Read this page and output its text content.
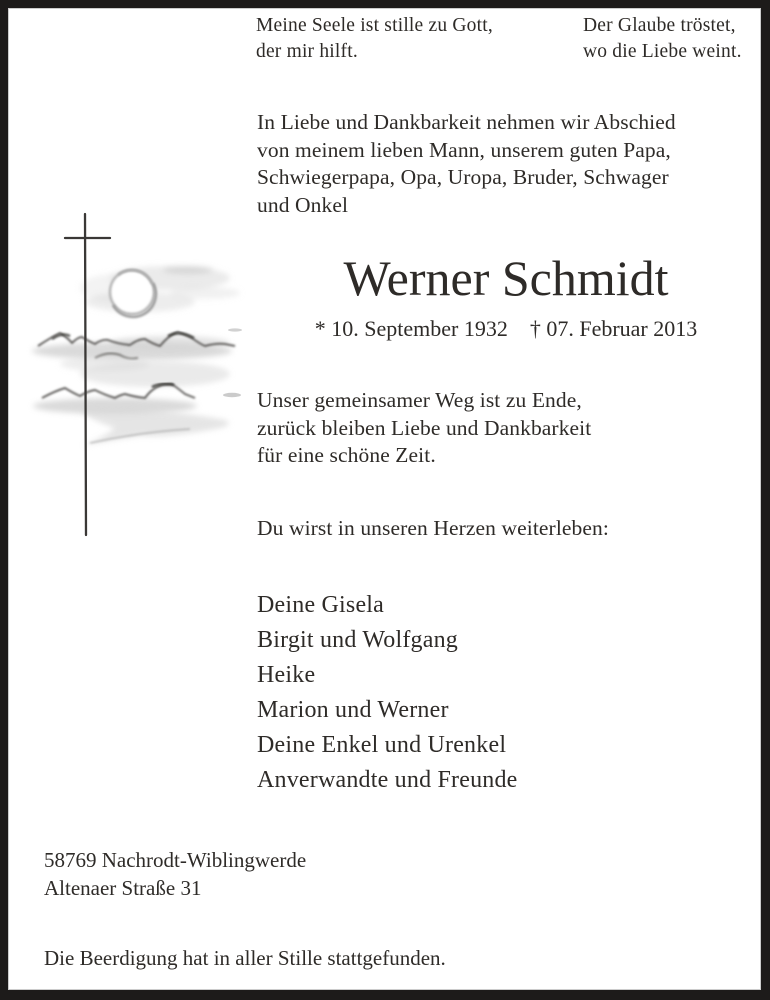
Meine Seele ist stille zu Gott,
der mir hilft.
Der Glaube tröstet,
wo die Liebe weint.
In Liebe und Dankbarkeit nehmen wir Abschied
von meinem lieben Mann, unserem guten Papa,
Schwiegerpapa, Opa, Uropa, Bruder, Schwager
und Onkel
Werner Schmidt
* 10. September 1932 † 07. Februar 2013
Unser gemeinsamer Weg ist zu Ende,
zurück bleiben Liebe und Dankbarkeit
für eine schöne Zeit.
Du wirst in unseren Herzen weiterleben:
Deine Gisela
Birgit und Wolfgang
Heike
Marion und Werner
Deine Enkel und Urenkel
Anverwandte und Freunde
58769 Nachrodt-Wiblingwerde
Altenaer Straße 31
Die Beerdigung hat in aller Stille stattgefunden.
